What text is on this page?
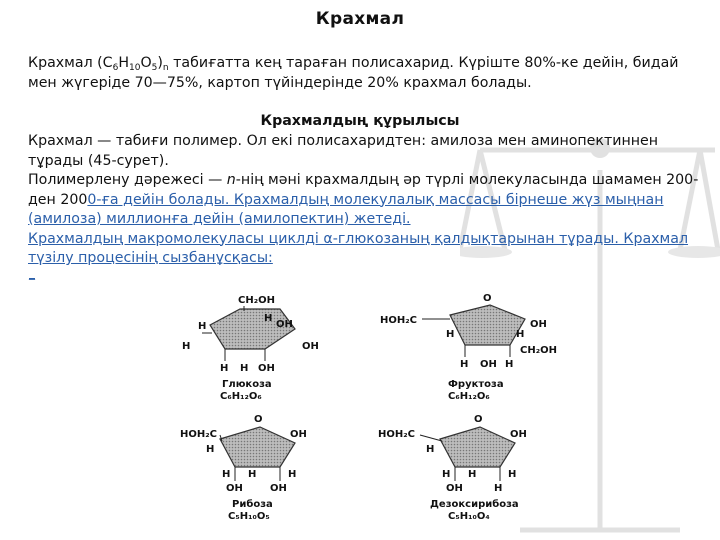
Крахмал
Крахмал $(С_6Н_{10}О_5)_n$ табиғатта кең тараған полисахарид. Күріште 80%-ке дейін, бидай мен жүгеріде 70—75%, картоп түйіндерінде 20% крахмал болады.
Крахмалдың құрылысы
Крахмал — табиғи полимер. Ол екі полисахаридтен: амилоза мен аминопектиннен тұрады (45-сурет).
Полимерлену дәрежесі — n-нің мәні крахмалдың әр түрлі молекуласында шамамен 200-ден 2000-ға дейін болады. Крахмалдың молекулалық массасы бірнеше жүз мыңнан (амилоза) миллионға дейін (амилопектин) жетеді.
Крахмалдың макромолекуласы циклді α-глюкозаның қалдықтарынан тұрады. Крахмал түзілу процесінің сызбанұсқасы:
_
CH₂OH
H
H	OH
H	OH
H H OH
Глюкоза
C₆H₁₂O₆
HOH₂C
O
H	H
OH
H OH
CH₂OH
H
Фруктоза
C₆H₁₂O₆
HOH₂C
O
H
OH
H H	H
OH	OH
Рибоза
C₅H₁₀O₅
HOH₂C
O
H
OH
H H	H
OH	H
Дезоксирибоза
C₅H₁₀O₄
